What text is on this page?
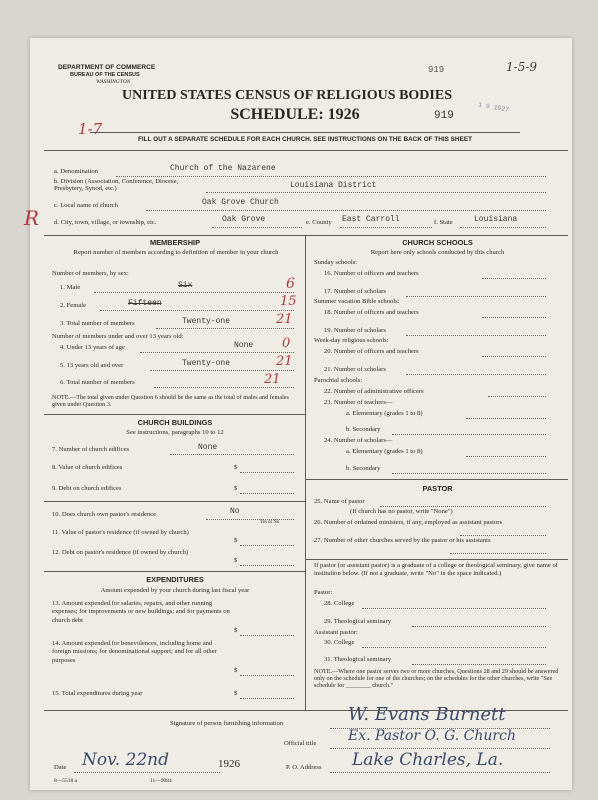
DEPARTMENT OF COMMERCE
BUREAU OF THE CENSUS
WASHINGTON
1-5-9
919
1 9 1927
UNITED STATES CENSUS OF RELIGIOUS BODIES
SCHEDULE: 1926	919
1-7
R
FILL OUT A SEPARATE SCHEDULE FOR EACH CHURCH. SEE INSTRUCTIONS ON THE BACK OF THIS SHEET
a. Denomination	Church of the Nazarene
b. Division (Association, Conference, Diocese, Presbytery, Synod, etc.)	Louisiana District
c. Local name of church	Oak Grove Church
d. City, town, village, or township, etc.	Oak Grove	e. County East Carroll	f. State	Louisiana
MEMBERSHIP
Report number of members according to definition of member in your church
Number of members, by sex:
1. Male	Six	6
2. Female	Fifteen	15
3. Total number of members	Twenty-one	21
Number of members under and over 13 years old:
4. Under 13 years of age	None 0
5. 13 years old and over	Twenty-one	21
6. Total number of members	21
NOTE.—The total given under Question 6 should be the same as the total of males and females given under Question 3.
CHURCH BUILDINGS
See instructions, paragraphs 10 to 12
7. Number of church edifices	None
8. Value of church edifices	$
9. Debt on church edifices	$
10. Does church own pastor's residence	No
Yes or No
11. Value of pastor's residence (if owned by church)
$
12. Debt on pastor's residence (if owned by church)
$
EXPENDITURES
Amount expended by your church during last fiscal year
13. Amount expended for salaries, repairs, and other running expenses; for improvements or new buildings; and for payments on church debt
$
14. Amount expended for benevolences, including home and foreign missions; for denominational support; and for all other purposes
$
15. Total expenditures during year	$
CHURCH SCHOOLS
Report here only schools conducted by this church
Sunday schools:
16. Number of officers and teachers
17. Number of scholars
Summer vacation Bible schools:
18. Number of officers and teachers
19. Number of scholars
Week-day religious schools:
20. Number of officers and teachers
21. Number of scholars
Parochial schools:
22. Number of administrative officers
23. Number of teachers—
a. Elementary (grades 1 to 8)
b. Secondary
24. Number of scholars—
a. Elementary (grades 1 to 8)
b. Secondary
PASTOR
25. Name of pastor
(If church has no pastor, write "None")
26. Number of ordained ministers, if any, employed as assistant pastors
27. Number of other churches served by the pastor or his assistants
If pastor (or assistant pastor) is a graduate of a college or theological seminary, give name of institution below. (If not a graduate, write "No" in the space indicated.)
Pastor:
28. College
29. Theological seminary
Assistant pastor:
30. College
31. Theological seminary
NOTE.—Where one pastor serves two or more churches, Questions 28 and 29 should be answered only on the schedule for one of the churches; on the schedules for the other churches, write "See schedule for ________ church."
Signature of person furnishing information	W. Evans Burnett
Official title Ex. Pastor O. G. Church
Date Nov. 22nd	1926	P. O. Address Lake Charles, La.
8—5518 a	11—9084
